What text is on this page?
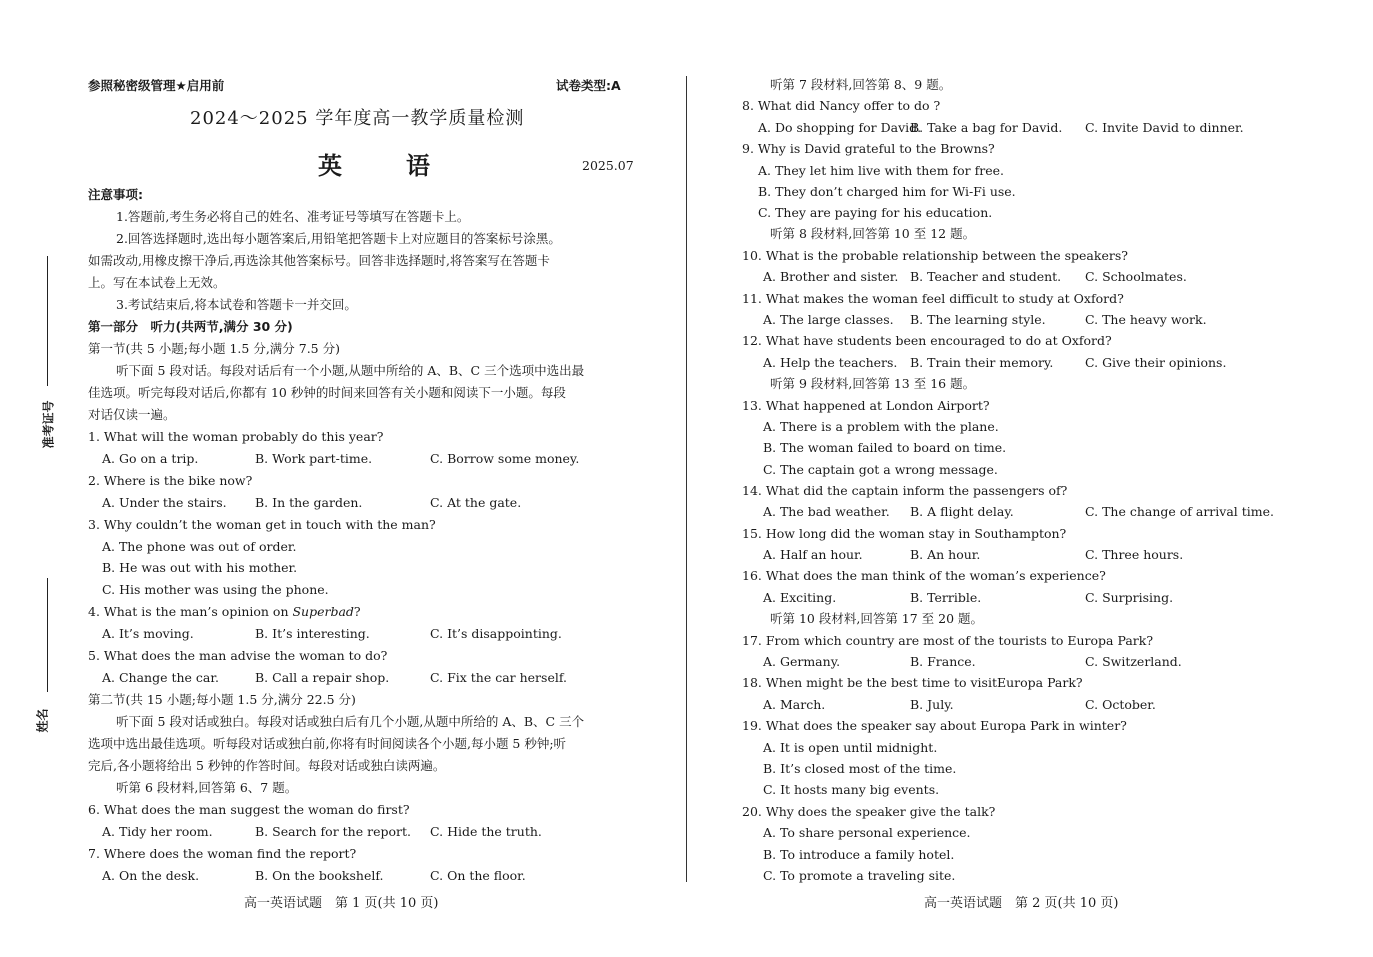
准考证号
姓名
参照秘密级管理★启用前	试卷类型:A
2024～2025 学年度高一教学质量检测
英　语	2025.07
注意事项:
1.答题前,考生务必将自己的姓名、准考证号等填写在答题卡上。
2.回答选择题时,选出每小题答案后,用铅笔把答题卡上对应题目的答案标号涂黑。
如需改动,用橡皮擦干净后,再选涂其他答案标号。回答非选择题时,将答案写在答题卡
上。写在本试卷上无效。
3.考试结束后,将本试卷和答题卡一并交回。
第一部分　听力(共两节,满分 30 分)
第一节(共 5 小题;每小题 1.5 分,满分 7.5 分)
听下面 5 段对话。每段对话后有一个小题,从题中所给的 A、B、C 三个选项中选出最
佳选项。听完每段对话后,你都有 10 秒钟的时间来回答有关小题和阅读下一小题。每段
对话仅读一遍。
1. What will the woman probably do this year?
A. Go on a trip.	B. Work part-time.	C. Borrow some money.
2. Where is the bike now?
A. Under the stairs. B. In the garden.	C. At the gate.
3. Why couldn’t the woman get in touch with the man?
A. The phone was out of order.
B. He was out with his mother.
C. His mother was using the phone.
4. What is the man’s opinion on Superbad?
A. It’s moving.	B. It’s interesting.	C. It’s disappointing.
5. What does the man advise the woman to do?
A. Change the car.	B. Call a repair shop.	C. Fix the car herself.
第二节(共 15 小题;每小题 1.5 分,满分 22.5 分)
听下面 5 段对话或独白。每段对话或独白后有几个小题,从题中所给的 A、B、C 三个
选项中选出最佳选项。听每段对话或独白前,你将有时间阅读各个小题,每小题 5 秒钟;听
完后,各小题将给出 5 秒钟的作答时间。每段对话或独白读两遍。
听第 6 段材料,回答第 6、7 题。
6. What does the man suggest the woman do first?
A. Tidy her room.	B. Search for the report. C. Hide the truth.
7. Where does the woman find the report?
A. On the desk.	B. On the bookshelf.	C. On the floor.
高一英语试题　第 1 页(共 10 页)
听第 7 段材料,回答第 8、9 题。
8. What did Nancy offer to do ?
A. Do shopping for David.
B. Take a bag for David. C. Invite David to dinner.
9. Why is David grateful to the Browns?
A. They let him live with them for free.
B. They don’t charged him for Wi-Fi use.
C. They are paying for his education.
听第 8 段材料,回答第 10 至 12 题。
10. What is the probable relationship between the speakers?
A. Brother and sister. B. Teacher and student. C. Schoolmates.
11. What makes the woman feel difficult to study at Oxford?
A. The large classes. B. The learning style.	C. The heavy work.
12. What have students been encouraged to do at Oxford?
A. Help the teachers. B. Train their memory.	C. Give their opinions.
听第 9 段材料,回答第 13 至 16 题。
13. What happened at London Airport?
A. There is a problem with the plane.
B. The woman failed to board on time.
C. The captain got a wrong message.
14. What did the captain inform the passengers of?
A. The bad weather. B. A flight delay.	C. The change of arrival time.
15. How long did the woman stay in Southampton?
A. Half an hour.	B. An hour.	C. Three hours.
16. What does the man think of the woman’s experience?
A. Exciting.	B. Terrible.	C. Surprising.
听第 10 段材料,回答第 17 至 20 题。
17. From which country are most of the tourists to Europa Park?
A. Germany.	B. France.	C. Switzerland.
18. When might be the best time to visitEuropa Park?
A. March.	B. July.	C. October.
19. What does the speaker say about Europa Park in winter?
A. It is open until midnight.
B. It’s closed most of the time.
C. It hosts many big events.
20. Why does the speaker give the talk?
A. To share personal experience.
B. To introduce a family hotel.
C. To promote a traveling site.
高一英语试题　第 2 页(共 10 页)
